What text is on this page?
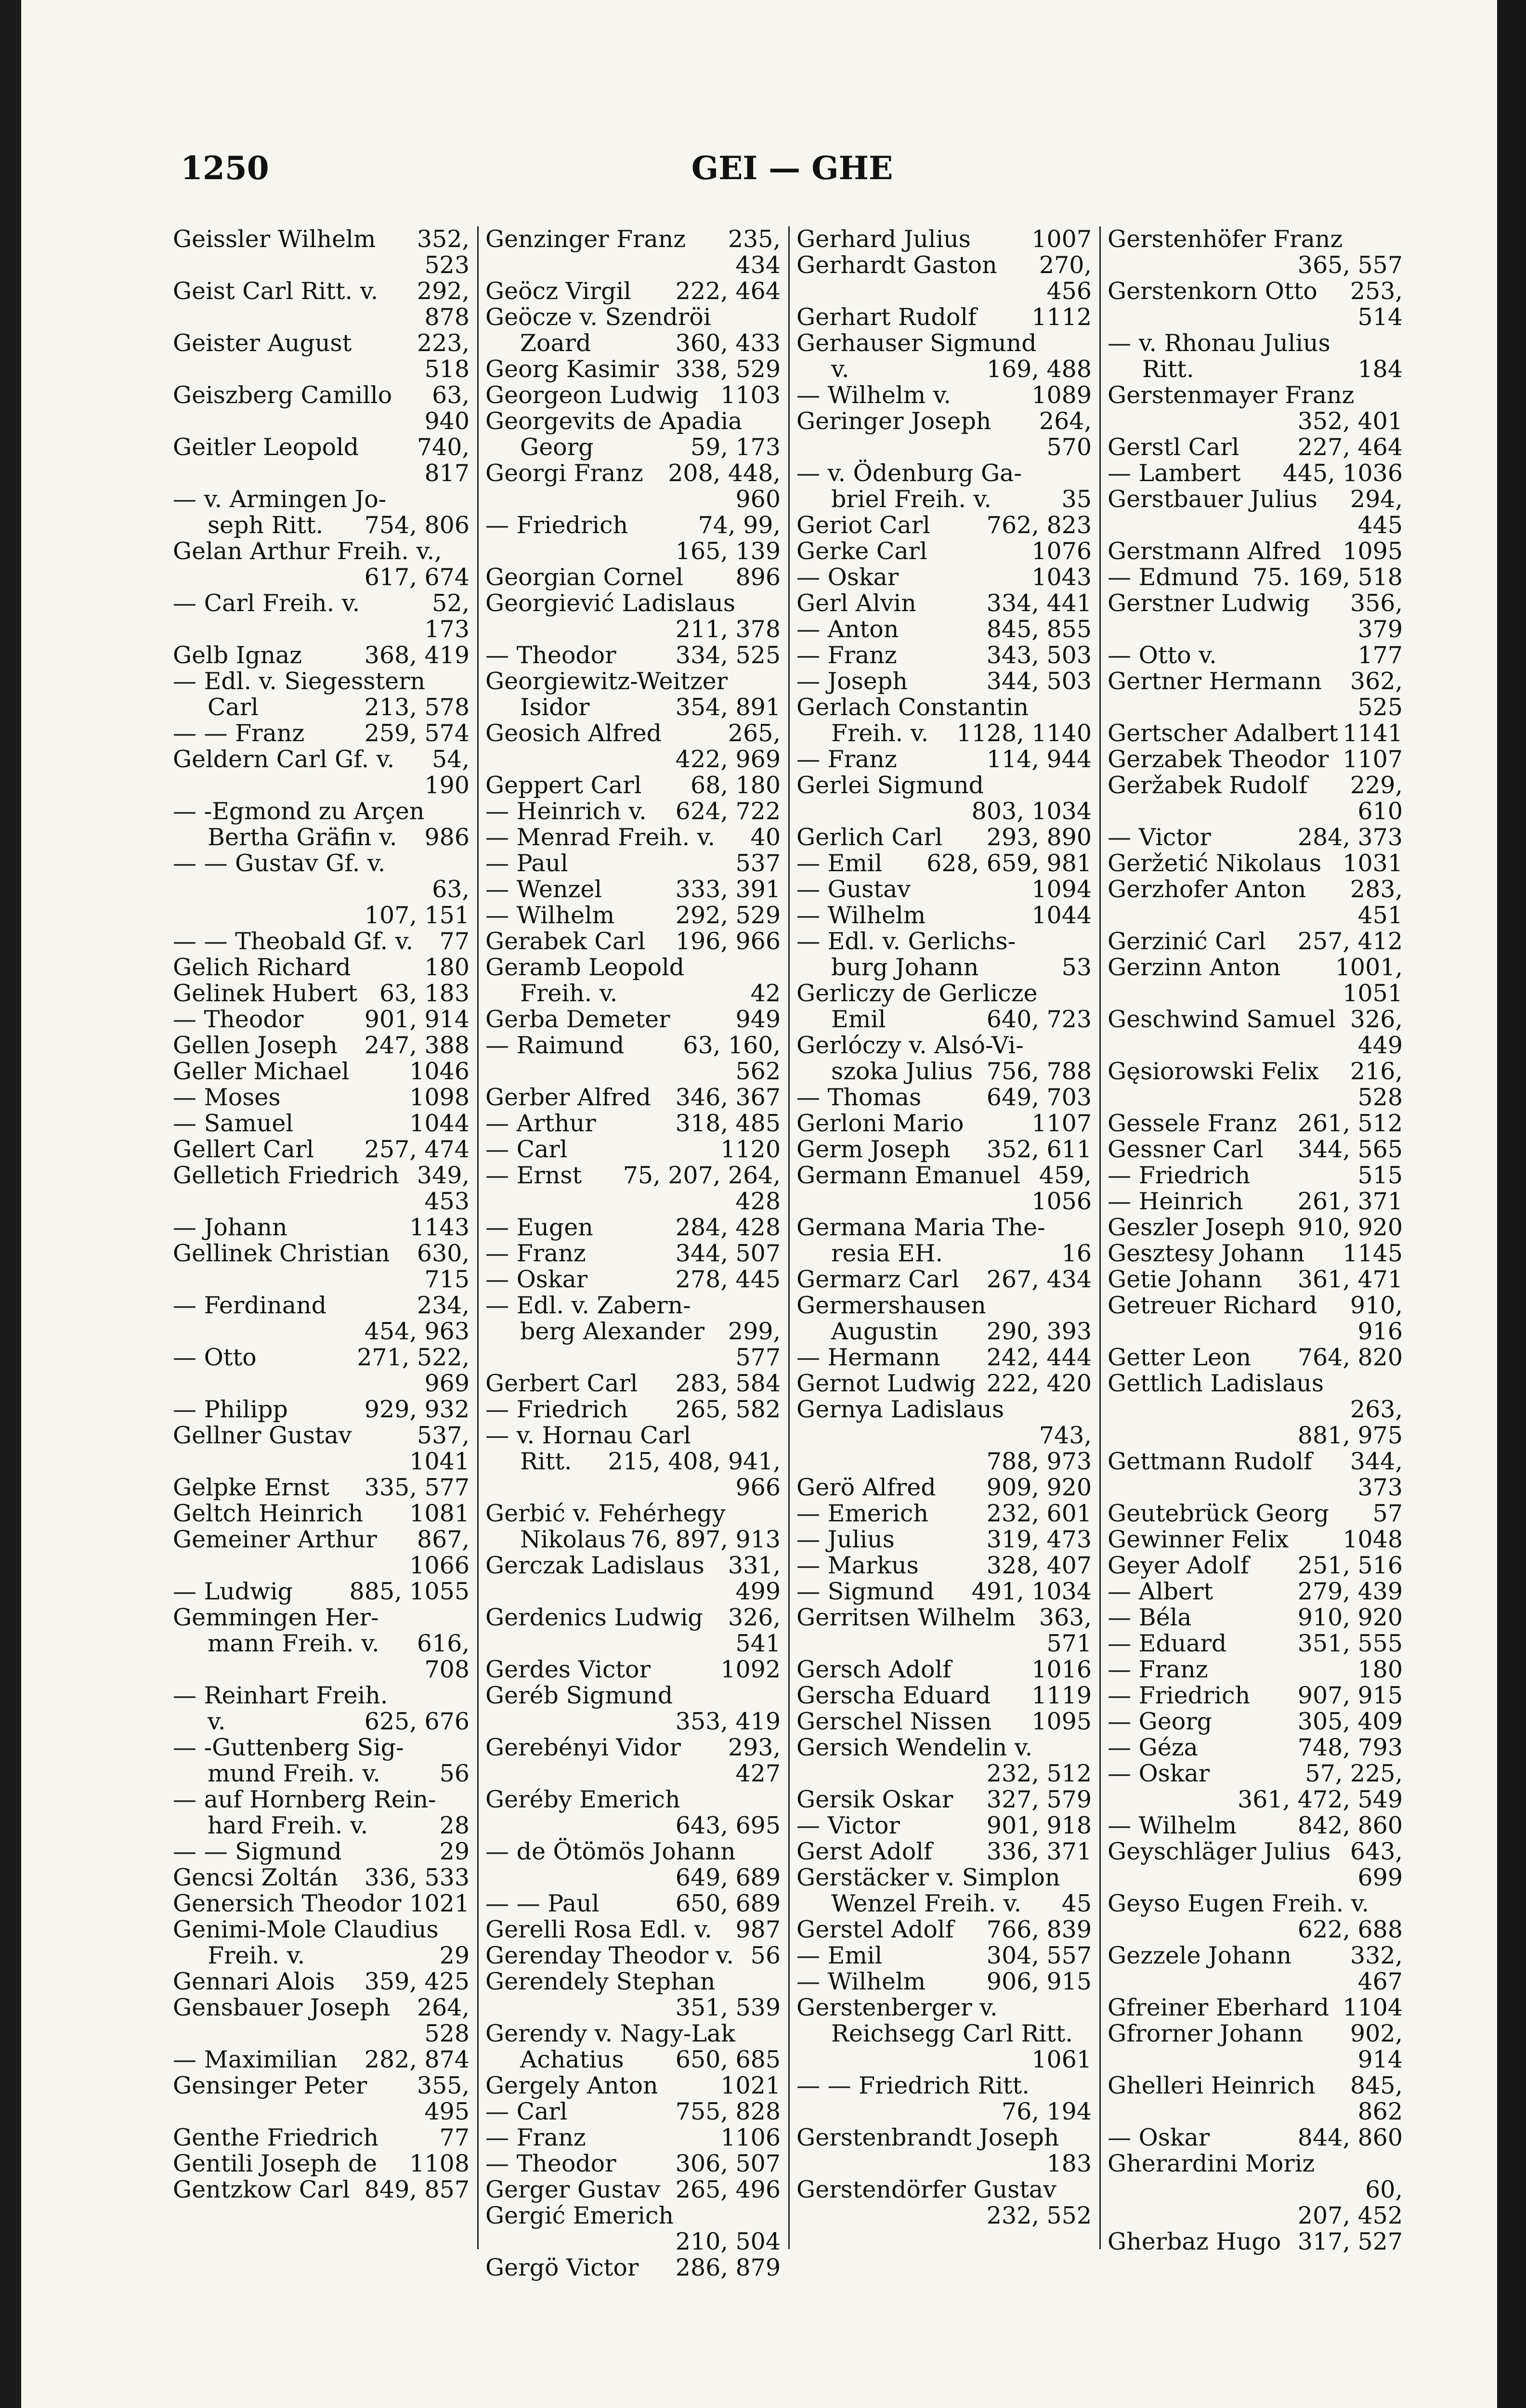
GEI — GHE
1250
Geissler Wilhelm 352,
523
Geist Carl Ritt. v. 292,
878
Geister August	223,
518
Geiszberg Camillo	63,
940
Geitler Leopold 740,
817
— v. Armingen Jo-
seph Ritt. 754, 806
Gelan Arthur Freih. v.,
617, 674
— Carl Freih. v.	52,
173
Gelb Ignaz	368, 419
— Edl. v. Siegesstern
Carl	213, 578
— — Franz	259, 574
Geldern Carl Gf. v.	54,
190
— -Egmond zu Arçen
Bertha Gräfin v. 986
— — Gustav Gf. v.
63,
107, 151
— — Theobald Gf. v. 77
Gelich Richard	180
Gelinek Hubert 63, 183
— Theodor	901, 914
Gellen Joseph 247, 388
Geller Michael	1046
— Moses	1098
— Samuel	1044
Gellert Carl 257, 474
Gelletich Friedrich 349,
453
— Johann	1143
Gellinek Christian 630,
715
— Ferdinand	234,
454, 963
— Otto	271, 522,
969
— Philipp	929, 932
Gellner Gustav	537,
1041
Gelpke Ernst 335, 577
Geltch Heinrich 1081
Gemeiner Arthur	867,
1066
— Ludwig 885, 1055
Gemmingen Her-
mann Freih. v. 616,
708
— Reinhart Freih.
v.	625, 676
— -Guttenberg Sig-
mund Freih. v.	56
— auf Hornberg Rein-
hard Freih. v.	28
— — Sigmund	29
Gencsi Zoltán 336, 533
Genersich Theodor 1021
Genimi-Mole Claudius
Freih. v.	29
Gennari Alois 359, 425
Gensbauer Joseph 264,
528
— Maximilian 282, 874
Gensinger Peter 355,
495
Genthe Friedrich	77
Gentili Joseph de 1108
Gentzkow Carl 849, 857
Genzinger Franz 235,
434
Geöcz Virgil 222, 464
Geöcze v. Szendröi
Zoard	360, 433
Georg Kasimir 338, 529
Georgeon Ludwig 1103
Georgevits de Apadia
Georg	59, 173
Georgi Franz 208, 448,
960
— Friedrich	74, 99,
165, 139
Georgian Cornel 896
Georgiević Ladislaus
211, 378
— Theodor	334, 525
Georgiewitz-Weitzer
Isidor	354, 891
Geosich Alfred	265,
422, 969
Geppert Carl 68, 180
— Heinrich v. 624, 722
— Menrad Freih. v. 40
— Paul	537
— Wenzel	333, 391
— Wilhelm	292, 529
Gerabek Carl 196, 966
Geramb Leopold
Freih. v.	42
Gerba Demeter	949
— Raimund 63, 160,
562
Gerber Alfred 346, 367
— Arthur	318, 485
— Carl	1120
— Ernst 75, 207, 264,
428
— Eugen	284, 428
— Franz	344, 507
— Oskar	278, 445
— Edl. v. Zabern-
berg Alexander 299,
577
Gerbert Carl 283, 584
— Friedrich 265, 582
— v. Hornau Carl
Ritt. 215, 408, 941,
966
Gerbić v. Fehérhegy
Nikolaus 76, 897, 913
Gerczak Ladislaus 331,
499
Gerdenics Ludwig 326,
541
Gerdes Victor	1092
Geréb Sigmund
353, 419
Gerebényi Vidor 293,
427
Geréby Emerich
643, 695
— de Ötömös Johann
649, 689
— — Paul	650, 689
Gerelli Rosa Edl. v. 987
Gerenday Theodor v. 56
Gerendely Stephan
351, 539
Gerendy v. Nagy-Lak
Achatius 650, 685
Gergely Anton	1021
— Carl	755, 828
— Franz	1106
— Theodor	306, 507
Gerger Gustav 265, 496
Gergić Emerich
210, 504
Gergö Victor 286, 879
Gerhard Julius	1007
Gerhardt Gaston 270,
456
Gerhart Rudolf 1112
Gerhauser Sigmund
v.	169, 488
— Wilhelm v.	1089
Geringer Joseph 264,
570
— v. Ödenburg Ga-
briel Freih. v.	35
Geriot Carl 762, 823
Gerke Carl	1076
— Oskar	1043
Gerl Alvin	334, 441
— Anton	845, 855
— Franz	343, 503
— Joseph	344, 503
Gerlach Constantin
Freih. v. 1128, 1140
— Franz	114, 944
Gerlei Sigmund
803, 1034
Gerlich Carl 293, 890
— Emil 628, 659, 981
— Gustav	1094
— Wilhelm	1044
— Edl. v. Gerlichs-
burg Johann	53
Gerliczy de Gerlicze
Emil	640, 723
Gerlóczy v. Alsó-Vi-
szoka Julius 756, 788
— Thomas	649, 703
Gerloni Mario	1107
Germ Joseph 352, 611
Germann Emanuel 459,
1056
Germana Maria The-
resia EH.	16
Germarz Carl 267, 434
Germershausen
Augustin 290, 393
— Hermann 242, 444
Gernot Ludwig 222, 420
Gernya Ladislaus
743,
788, 973
Gerö Alfred 909, 920
— Emerich 232, 601
— Julius	319, 473
— Markus	328, 407
— Sigmund 491, 1034
Gerritsen Wilhelm 363,
571
Gersch Adolf	1016
Gerscha Eduard 1119
Gerschel Nissen 1095
Gersich Wendelin v.
232, 512
Gersik Oskar 327, 579
— Victor	901, 918
Gerst Adolf 336, 371
Gerstäcker v. Simplon
Wenzel Freih. v. 45
Gerstel Adolf 766, 839
— Emil	304, 557
— Wilhelm	906, 915
Gerstenberger v.
Reichsegg Carl Ritt.
1061
— — Friedrich Ritt.
76, 194
Gerstenbrandt Joseph
183
Gerstendörfer Gustav
232, 552
Gerstenhöfer Franz
365, 557
Gerstenkorn Otto 253,
514
— v. Rhonau Julius
Ritt.	184
Gerstenmayer Franz
352, 401
Gerstl Carl 227, 464
— Lambert 445, 1036
Gerstbauer Julius 294,
445
Gerstmann Alfred 1095
— Edmund 75. 169, 518
Gerstner Ludwig 356,
379
— Otto v.	177
Gertner Hermann 362,
525
Gertscher Adalbert 1141
Gerzabek Theodor 1107
Geržabek Rudolf 229,
610
— Victor	284, 373
Geržetić Nikolaus 1031
Gerzhofer Anton 283,
451
Gerzinić Carl 257, 412
Gerzinn Anton 1001,
1051
Geschwind Samuel 326,
449
Gęsiorowski Felix 216,
528
Gessele Franz 261, 512
Gessner Carl 344, 565
— Friedrich	515
— Heinrich 261, 371
Geszler Joseph 910, 920
Gesztesy Johann 1145
Getie Johann 361, 471
Getreuer Richard 910,
916
Getter Leon 764, 820
Gettlich Ladislaus
263,
881, 975
Gettmann Rudolf 344,
373
Geutebrück Georg 57
Gewinner Felix 1048
Geyer Adolf 251, 516
— Albert	279, 439
— Béla	910, 920
— Eduard	351, 555
— Franz	180
— Friedrich 907, 915
— Georg	305, 409
— Géza	748, 793
— Oskar	57, 225,
361, 472, 549
— Wilhelm	842, 860
Geyschläger Julius 643,
699
Geyso Eugen Freih. v.
622, 688
Gezzele Johann 332,
467
Gfreiner Eberhard 1104
Gfrorner Johann 902,
914
Ghelleri Heinrich 845,
862
— Oskar	844, 860
Gherardini Moriz
60,
207, 452
Gherbaz Hugo 317, 527
